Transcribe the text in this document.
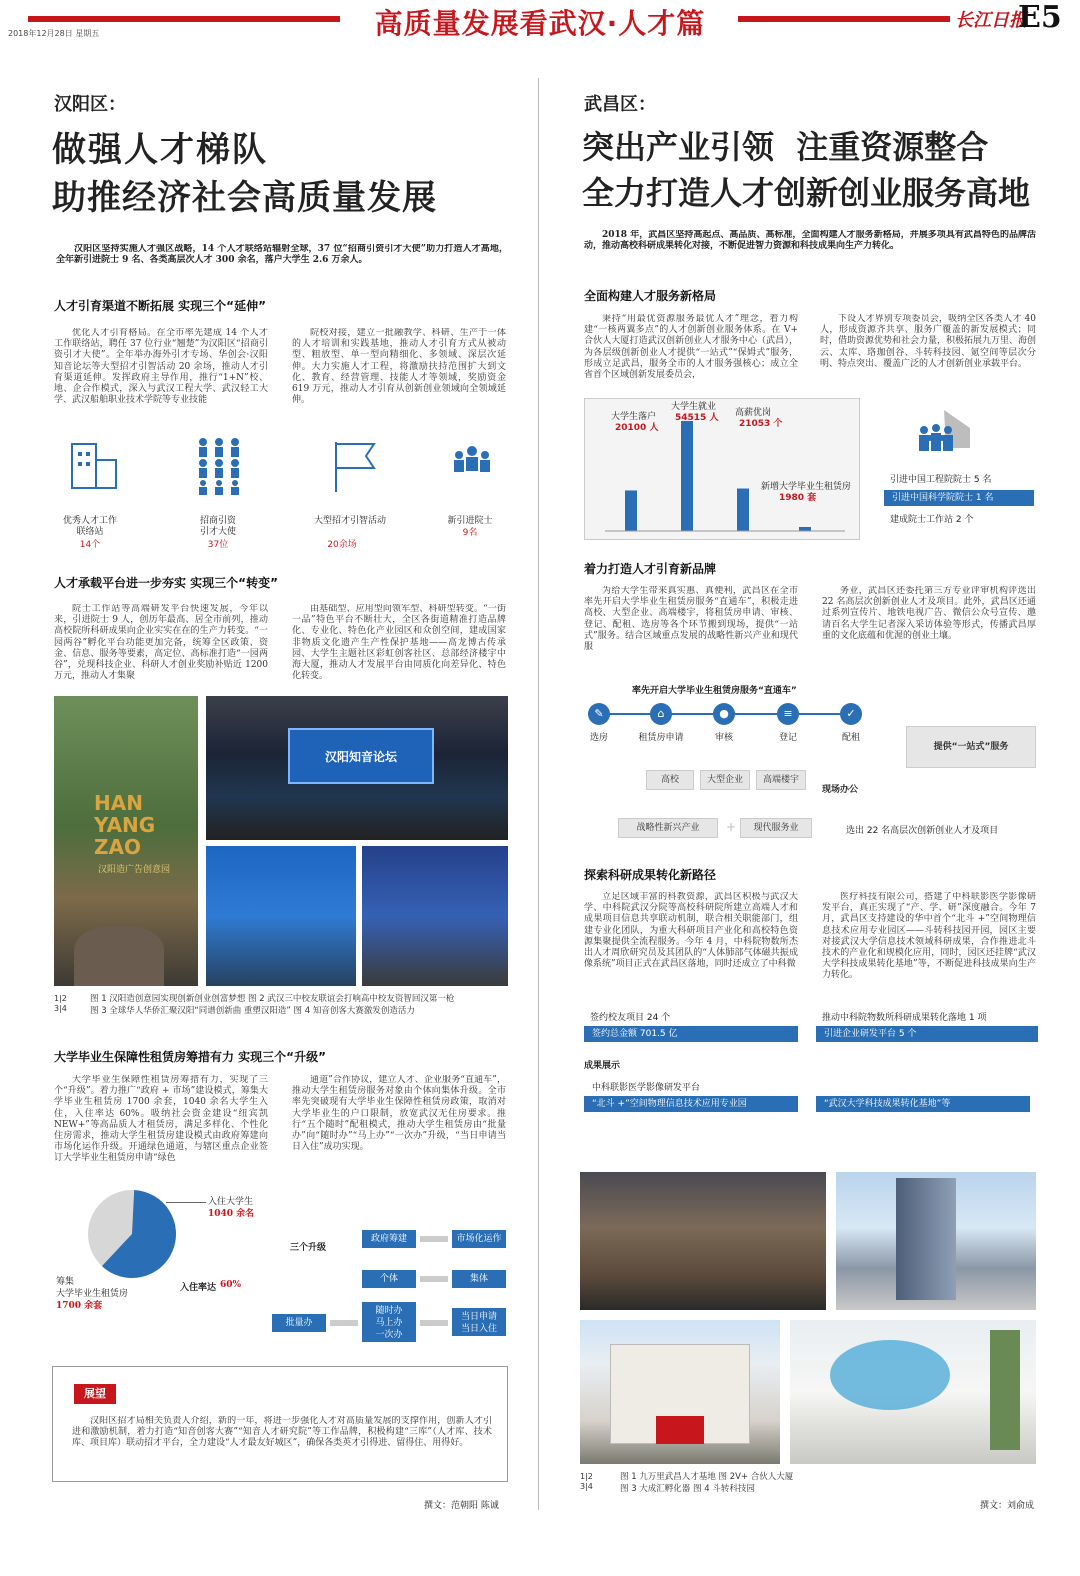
2018年12月28日 星期五	高质量发展看武汉·人才篇	长江日报
E5
汉阳区：
做强人才梯队
助推经济社会高质量发展
汉阳区坚持实施人才强区战略，14 个人才联络站辐射全球，37 位“招商引资引才大使”助力打造人才高地，全年新引进院士 9 名、各类高层次人才 300 余名，落户大学生 2.6 万余人。
人才引育渠道不断拓展 实现三个“延伸”
优化人才引育格局。在全市率先建成 14 个人才工作联络站，聘任 37 位行业“翘楚”为汉阳区“招商引资引才大使”。全年举办海外引才专场、华创会·汉阳知音论坛等大型招才引智活动 20 余场，推动人才引育渠道延伸。发挥政府主导作用，推行“1+N”校、地、企合作模式，深入与武汉工程大学、武汉轻工大学、武汉船舶职业技术学院等专业技能
院校对接，建立一批融教学、科研、生产于一体的人才培训和实践基地，推动人才引育方式从被动型、粗放型、单一型向精细化、多领域、深层次延伸。大力实施人才工程，将激励扶持范围扩大到文化、教育、经营管理、技能人才等领域，奖励资金 619 万元，推动人才引育从创新创业领域向全领域延伸。
优秀人才工作联络站
14个
招商引资引才大使
37位
大型招才引智活动
20余场
新引进院士
9名
人才承载平台进一步夯实 实现三个“转变”
院士工作站等高端研发平台快速发展，今年以来，引进院士 9 人，创历年最高、居全市前列，推动高校院所科研成果向企业实实在在的生产力转变。“一园两谷”孵化平台功能更加完备，统筹全区政策、资金、信息、服务等要素，高定位、高标准打造“一园两谷”，兑现科技企业、科研人才创业奖励补贴近 1200 万元，推动人才集聚
由基础型、应用型向领军型、科研型转变。“一街一品”特色平台不断壮大，全区各街道精准打造品牌化、专业化、特色化产业园区和众创空间，建成国家非物质文化遗产生产性保护基地——高龙博古传承园、大学生主题社区彩虹创客社区、总部经济楼宇中海大厦，推动人才发展平台由同质化向差异化、特色化转变。
HAN YANG ZAO
汉阳造广告创意园
汉阳知音论坛
1|2
3|4
图 1 汉阳造创意园实现创新创业创富梦想 图 2 武汉三中校友联谊会打响高中校友资智回汉第一枪
图 3 全球华人华侨汇聚汉阳“同谱创新曲 重塑汉阳造” 图 4 知音创客大赛激发创造活力
大学毕业生保障性租赁房筹措有力 实现三个“升级”
大学毕业生保障性租赁房筹措有力，实现了三个“升级”。着力推广“政府 + 市场”建设模式，筹集大学毕业生租赁房 1700 余套，1040 余名大学生入住，入住率达 60%。吸纳社会资金建设“纽宾凯 NEW+”等高品质人才租赁房，满足多样化、个性化住房需求，推动大学生租赁房建设模式由政府筹建向市场化运作升级。开通绿色通道，与辖区重点企业签订大学毕业生租赁房申请“绿色
通道”合作协议，建立人才、企业服务“直通车”，推动大学生租赁房服务对象由个体向集体升级。全市率先突破现有大学毕业生保障性租赁房政策，取消对大学毕业生的户口限制，放宽武汉无住房要求。推行“五个随时”配租模式，推动大学生租赁房由“批量办”向“随时办”“马上办”“一次办”升级，“当日申请当日入住”成功实现。
入住大学生
1040 余名
入住率达 60%
筹集
大学毕业生租赁房
1700 余套
三个升级
政府筹建	市场化运作
个体	集体
批量办
随时办
马上办
一次办
当日申请
当日入住
展望
汉阳区招才局相关负责人介绍，新的一年，将进一步强化人才对高质量发展的支撑作用，创新人才引进和激励机制，着力打造“知音创客大赛”“知音人才研究院”等工作品牌，积极构建“三库”（人才库、技术库、项目库）联动招才平台，全力建设“人才最友好城区”，确保各类英才引得进、留得住、用得好。
撰文：范朝阳 陈诚
武昌区：
突出产业引领  注重资源整合
全力打造人才创新创业服务高地
2018 年，武昌区坚持高起点、高品质、高标准，全面构建人才服务新格局，并展多项具有武昌特色的品牌活动，推动高校科研成果转化对接，不断促进智力资源和科技成果向生产力转化。
全面构建人才服务新格局
秉持“用最优资源服务最优人才”理念，着力构建“一核两翼多点”的人才创新创业服务体系。在 V+ 合伙人大厦打造武汉创新创业人才服务中心（武昌），为各层级创新创业人才提供“一站式”“保姆式”服务，形成立足武昌，服务全市的人才服务强核心；成立全省首个区域创新发展委员会，
下设人才界别专项委员会，吸纳全区各类人才 40 人，形成资源齐共享、服务广覆盖的新发展模式；同时，借助资源优势和社会力量，积极拓展九万里、海创云、太库、珞珈创谷、斗转科技园、氪空间等层次分明、特点突出、覆盖广泛的人才创新创业承载平台。
大学生落户
20100 人
大学生就业
54515 人 高薪优岗
21053 个
新增大学毕业生租赁房
1980 套
引进中国工程院院士 5 名
引进中国科学院院士 1 名
建成院士工作站 2 个
着力打造人才引育新品牌
为给大学生带来真实惠、真便利，武昌区在全市率先开启大学毕业生租赁房服务“直通车”，积极走进高校、大型企业、高端楼宇，将租赁房申请、审核、登记、配租、选房等各个环节搬到现场，提供“一站式”服务。结合区域重点发展的战略性新兴产业和现代服
务业，武昌区还委托第三方专业评审机构评选出 22 名高层次创新创业人才及项目。此外，武昌区还通过系列宣传片、地铁电视广告、微信公众号宣传、邀请百名大学生记者深入采访体验等形式，传播武昌厚重的文化底蕴和优渥的创业土壤。
率先开启大学毕业生租赁房服务“直通车”
✎	⌂	●	≡	✓
选房	租赁房申请	审核	登记	配租
提供“一站式”服务
高校	大型企业	高端楼宇
现场办公
战略性新兴产业	+	现代服务业	选出 22 名高层次创新创业人才及项目
探索科研成果转化新路径
立足区域丰富的科教资源，武昌区积极与武汉大学、中科院武汉分院等高校科研院所建立高端人才和成果项目信息共享联动机制，联合相关职能部门，组建专业化团队，为重大科研项目产业化和高校特色资源集聚提供全流程服务。今年 4 月，中科院物数所杰出人才周欣研究员及其团队的“人体肺部气体磁共振成像系统”项目正式在武昌区落地，同时还成立了中科微
医疗科技有限公司，搭建了中科联影医学影像研发平台，真正实现了“产、学、研”深度融合。今年 7 月，武昌区支持建设的华中首个“北斗 +”空间物理信息技术应用专业园区——斗转科技园开园，园区主要对接武汉大学信息技术领域科研成果，合作推进北斗技术的产业化和规模化应用，同时，园区还挂牌“武汉大学科技成果转化基地”等，不断促进科技成果向生产力转化。
签约校友项目 24 个
签约总金额 701.5 亿
推动中科院物数所科研成果转化落地 1 项
引进企业研发平台 5 个
成果展示
中科联影医学影像研发平台
“北斗 +”空间物理信息技术应用专业园	“武汉大学科技成果转化基地”等
1|2
3|4
图 1 九万里武昌人才基地 图 2V+ 合伙人大厦
图 3 大成汇孵化器 图 4 斗转科技园
撰文：刘俞成
